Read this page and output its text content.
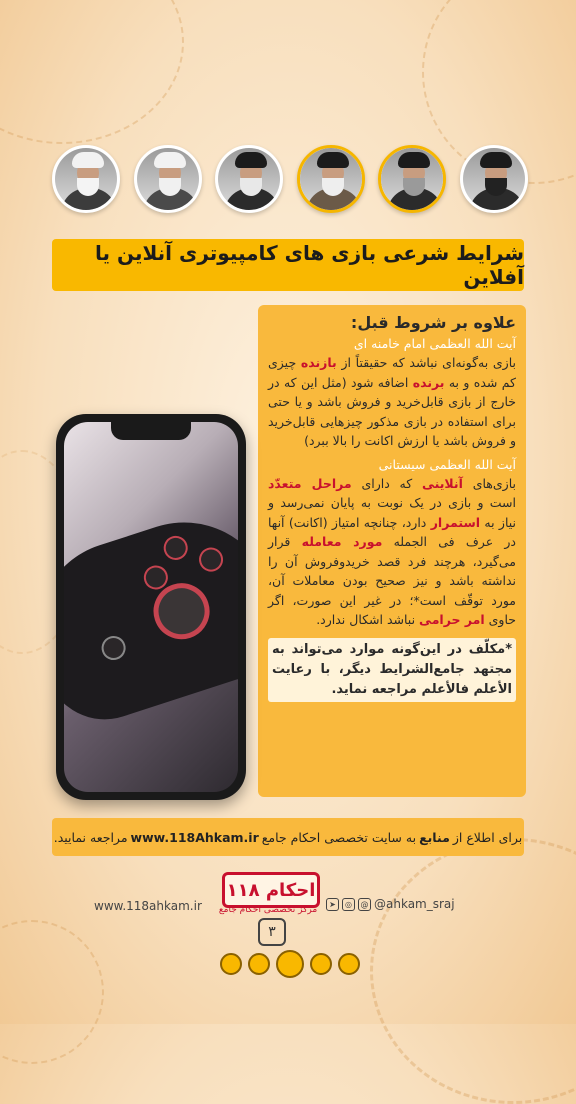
شرایط شرعی بازی های کامپیوتری آنلاین یا آفلاین
علاوه بر شروط قبل:
آیت الله العظمی امام خامنه ای

بازی به‌گونه‌ای نباشد که حقیقتاً از بازنده چیزی کم شده و به برنده اضافه شود (مثل این که در خارج از بازی قابل‌خرید و فروش باشد و یا حتی برای استفاده در بازی مذکور چیزهایی قابل‌خرید و فروش باشد یا ارزش اکانت را بالا ببرد)

آیت الله العظمی سیستانی

بازی‌های آنلاینی که دارای مراحل متعدّد است و بازی در یک نوبت به پایان نمی‌رسد و نیاز به استمرار دارد، چنانچه امتیاز (اکانت) آنها در عرف فی الجمله مورد معامله قرار می‌گیرد، هرچند فرد قصد خریدوفروش آن را نداشته باشد و نیز صحیح بودن معاملات آن، مورد توقّف است*؛ در غیر این صورت، اگر حاوی امر حرامی نباشد اشکال ندارد.

*مکلّف در این‌گونه موارد می‌تواند به مجتهد جامع‌الشرایط دیگر، با رعایت الأعلم فالأعلم مراجعه نماید.
برای اطلاع از
منابع
به سایت تخصصی احکام جامع
www.118Ahkam.ir
مراجعه نمایید.
۱۱۸ احکام
مرکز تخصصی احکام جامع
www.118ahkam.ir	➤	◎	@ @ahkam_sraj
۳
